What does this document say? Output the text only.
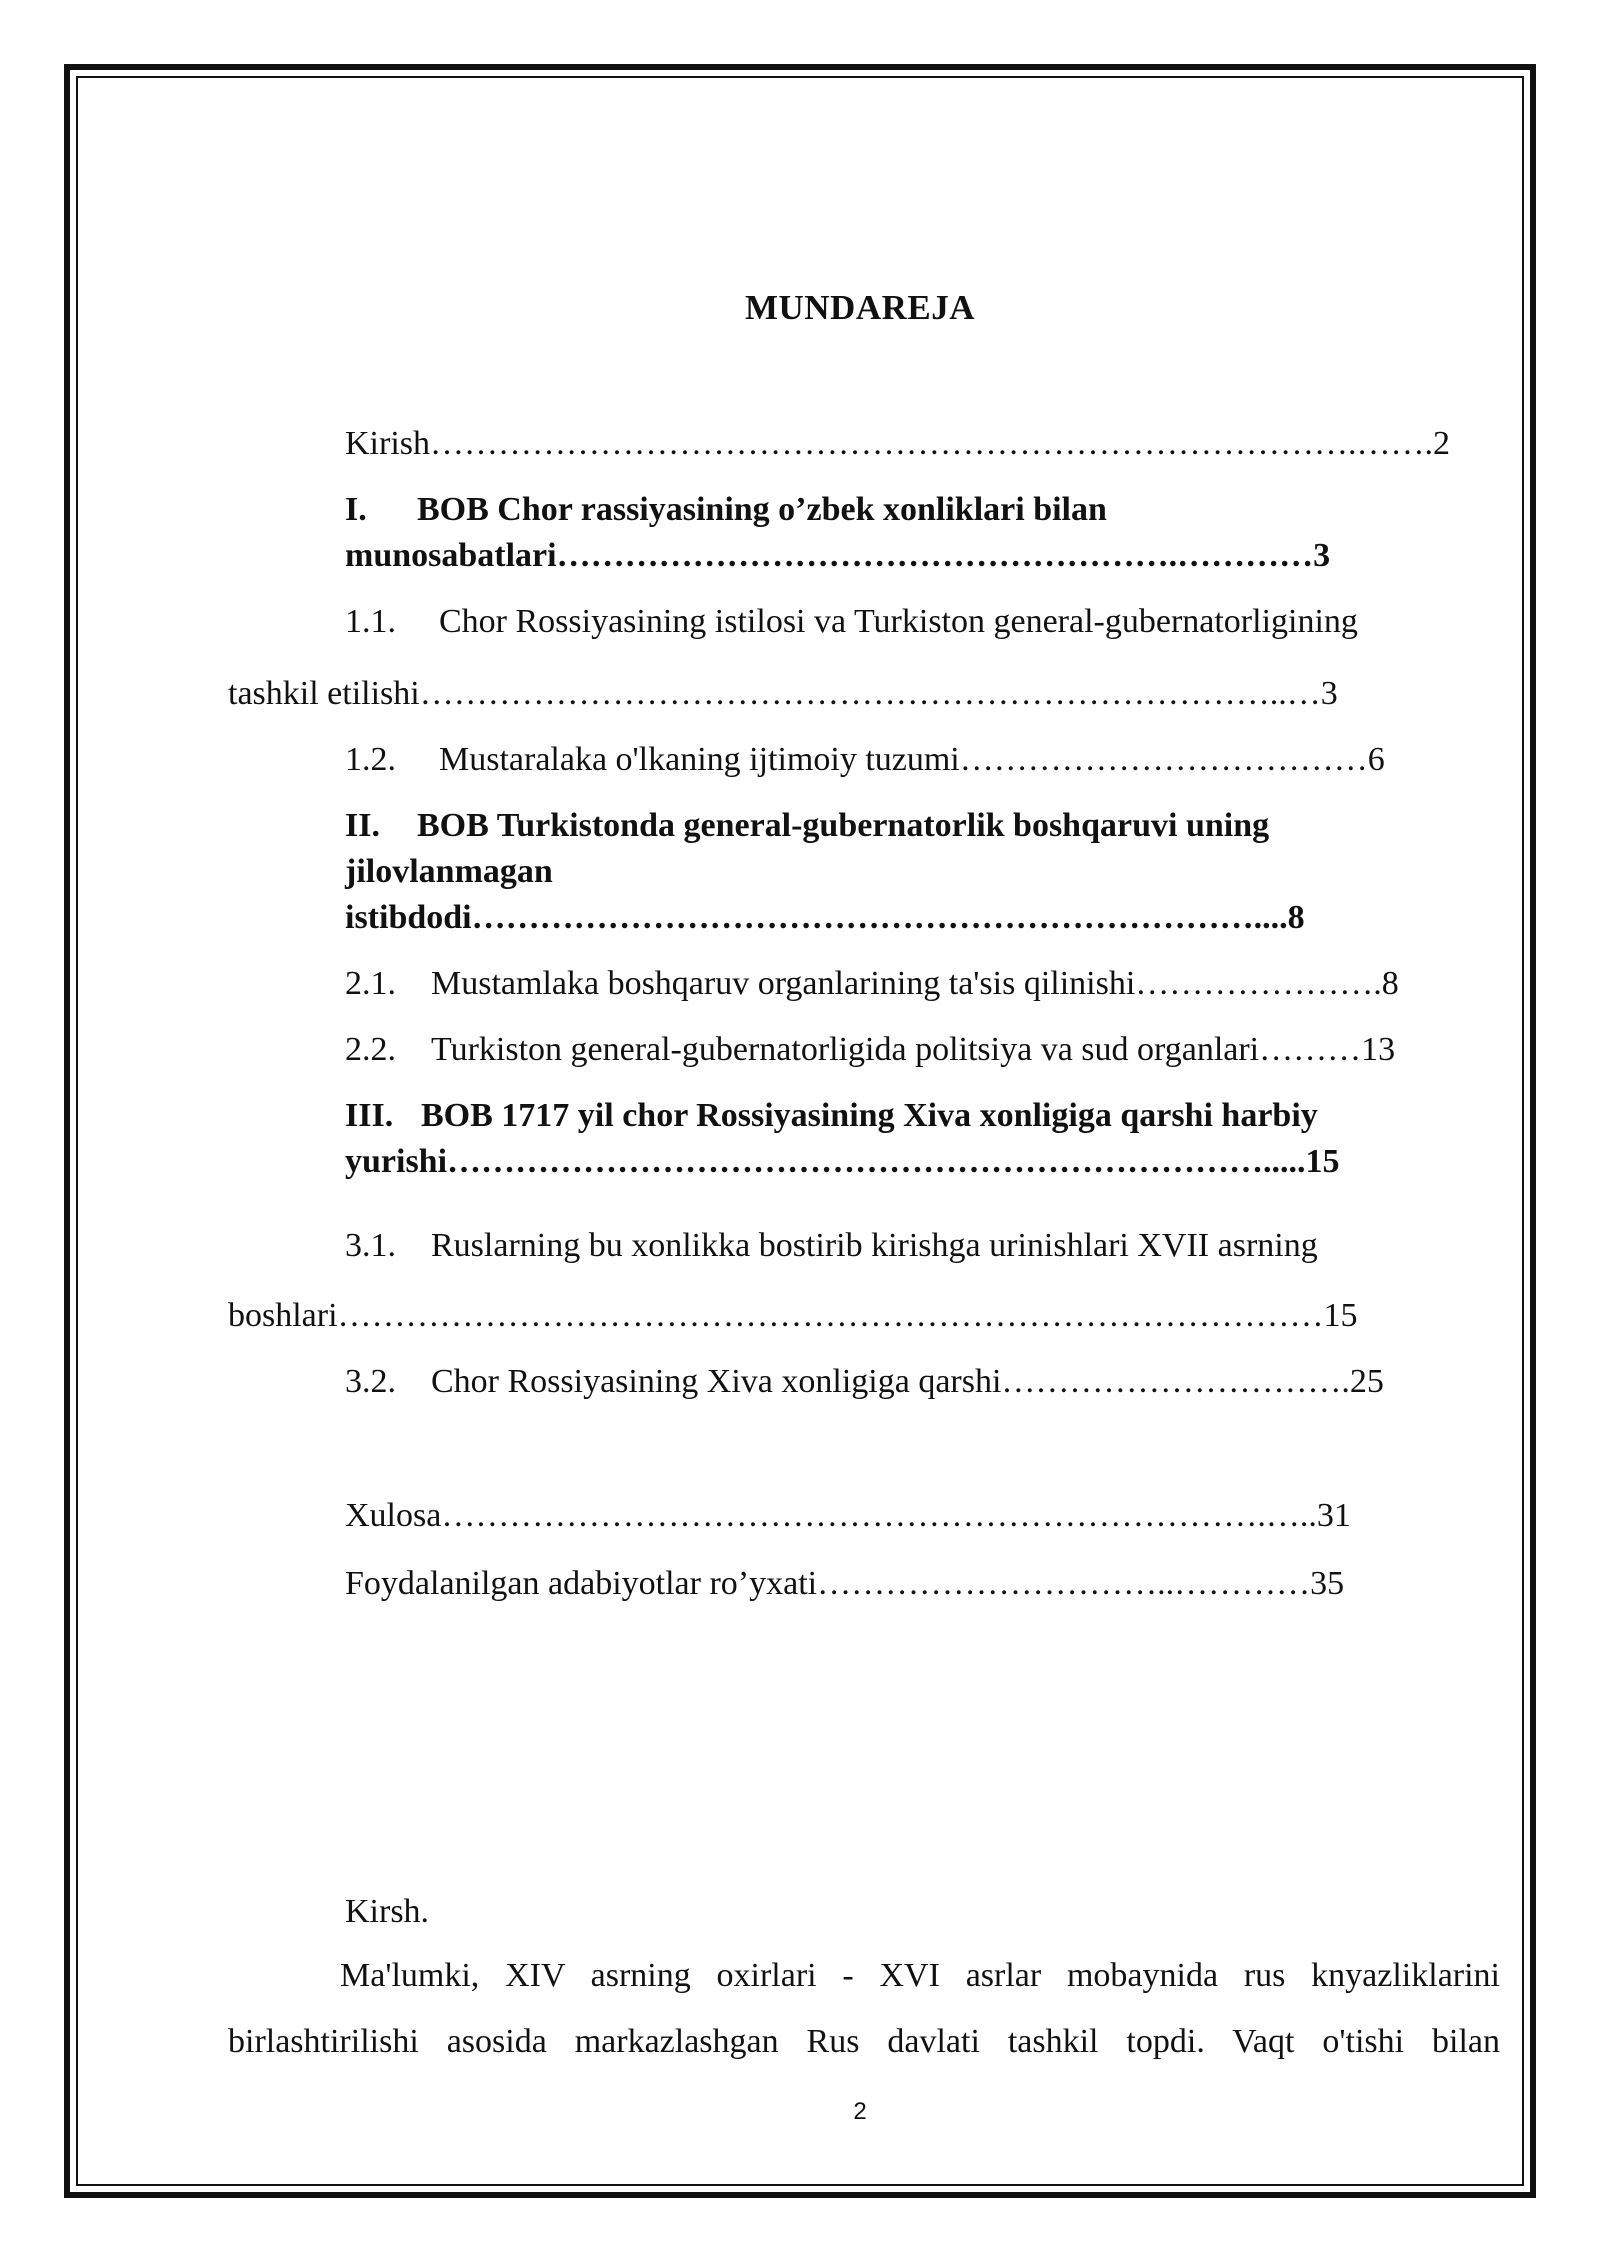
MUNDAREJA
Kirish……………………………………………………………………….…….2
I. BOB Chor rassiyasining o’zbek xonliklari bilan
munosabatlari……………………………………………….…………3
1.1. Chor Rossiyasining istilosi va Turkiston general-gubernatorligining
tashkil etilishi…………………………………………………………………..…3
1.2. Mustaralaka o'lkaning ijtimoiy tuzumi………………………………6
II. BOB Turkistonda general-gubernatorlik boshqaruvi uning
jilovlanmagan
istibdodi……………………………………………………………....8
2.1. Mustamlaka boshqaruv organlarining ta'sis qilinishi………………….8
2.2. Turkiston general-gubernatorligida politsiya va sud organlari………13
III. BOB 1717 yil chor Rossiyasining Xiva xonligiga qarshi harbiy
yurishi……………………………………………………………….....15
3.1. Ruslarning bu xonlikka bostirib kirishga urinishlari XVII asrning
boshlari……………………………………………………………………………15
3.2. Chor Rossiyasining Xiva xonligiga qarshi………………………….25
Xulosa……………………………………………………………….…..31
Foydalanilgan adabiyotlar ro’yxati…………………………..…………35
Kirsh.
Ma'lumki, XIV asrning oxirlari - XVI asrlar mobaynida rus knyazliklarini
birlashtirilishi asosida markazlashgan Rus davlati tashkil topdi. Vaqt o'tishi bilan
2
